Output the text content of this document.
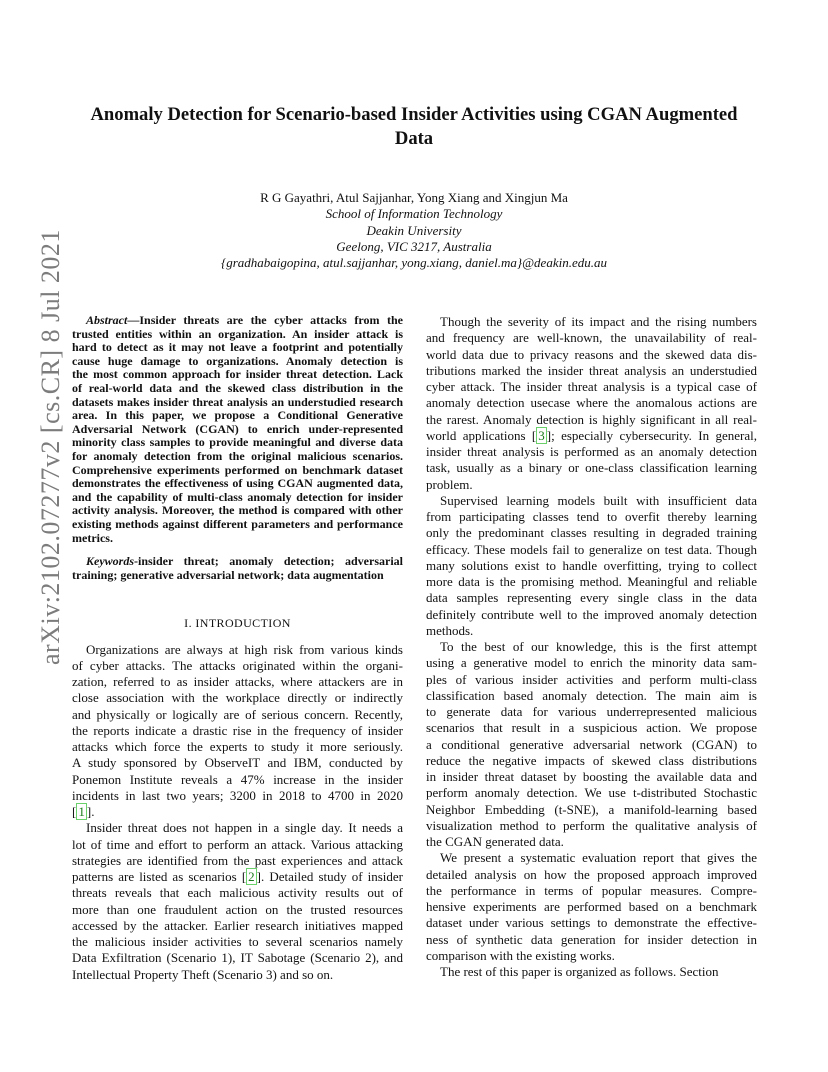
Anomaly Detection for Scenario-based Insider Activities using CGAN Augmented Data
R G Gayathri, Atul Sajjanhar, Yong Xiang and Xingjun Ma
School of Information Technology
Deakin University
Geelong, VIC 3217, Australia
{gradhabaigopina, atul.sajjanhar, yong.xiang, daniel.ma}@deakin.edu.au
arXiv:2102.07277v2 [cs.CR] 8 Jul 2021	Abstract—Insider threats are the cyber attacks from the
trusted entities within an organization. An insider attack is
hard to detect as it may not leave a footprint and potentially
cause huge damage to organizations. Anomaly detection is
the most common approach for insider threat detection. Lack
of real-world data and the skewed class distribution in the
datasets makes insider threat analysis an understudied research
area. In this paper, we propose a Conditional Generative
Adversarial Network (CGAN) to enrich under-represented
minority class samples to provide meaningful and diverse data
for anomaly detection from the original malicious scenarios.
Comprehensive experiments performed on benchmark dataset
demonstrates the effectiveness of using CGAN augmented data,
and the capability of multi-class anomaly detection for insider
activity analysis. Moreover, the method is compared with other
existing methods against different parameters and performance
metrics.
Keywords-insider threat; anomaly detection; adversarial
training; generative adversarial network; data augmentation
I. INTRODUCTION
Organizations are always at high risk from various kinds
of cyber attacks. The attacks originated within the organi-
zation, referred to as insider attacks, where attackers are in
close association with the workplace directly or indirectly
and physically or logically are of serious concern. Recently,
the reports indicate a drastic rise in the frequency of insider
attacks which force the experts to study it more seriously.
A study sponsored by ObserveIT and IBM, conducted by
Ponemon Institute reveals a 47% increase in the insider
incidents in last two years; 3200 in 2018 to 4700 in 2020
[ 1 ].
Insider threat does not happen in a single day. It needs a
lot of time and effort to perform an attack. Various attacking
strategies are identified from the past experiences and attack
patterns are listed as scenarios [ 2 ]. Detailed study of insider
threats reveals that each malicious activity results out of
more than one fraudulent action on the trusted resources
accessed by the attacker. Earlier research initiatives mapped
the malicious insider activities to several scenarios namely
Data Exfiltration (Scenario 1), IT Sabotage (Scenario 2), and
Intellectual Property Theft (Scenario 3) and so on.
Though the severity of its impact and the rising numbers
and frequency are well-known, the unavailability of real-
world data due to privacy reasons and the skewed data dis-
tributions marked the insider threat analysis an understudied
cyber attack. The insider threat analysis is a typical case of
anomaly detection usecase where the anomalous actions are
the rarest. Anomaly detection is highly significant in all real-
world applications [ 3 ]; especially cybersecurity. In general,
insider threat analysis is performed as an anomaly detection
task, usually as a binary or one-class classification learning
problem.
Supervised learning models built with insufficient data
from participating classes tend to overfit thereby learning
only the predominant classes resulting in degraded training
efficacy. These models fail to generalize on test data. Though
many solutions exist to handle overfitting, trying to collect
more data is the promising method. Meaningful and reliable
data samples representing every single class in the data
definitely contribute well to the improved anomaly detection
methods.
To the best of our knowledge, this is the first attempt
using a generative model to enrich the minority data sam-
ples of various insider activities and perform multi-class
classification based anomaly detection. The main aim is
to generate data for various underrepresented malicious
scenarios that result in a suspicious action. We propose
a conditional generative adversarial network (CGAN) to
reduce the negative impacts of skewed class distributions
in insider threat dataset by boosting the available data and
perform anomaly detection. We use t-distributed Stochastic
Neighbor Embedding (t-SNE), a manifold-learning based
visualization method to perform the qualitative analysis of
the CGAN generated data.
We present a systematic evaluation report that gives the
detailed analysis on how the proposed approach improved
the performance in terms of popular measures. Compre-
hensive experiments are performed based on a benchmark
dataset under various settings to demonstrate the effective-
ness of synthetic data generation for insider detection in
comparison with the existing works.
The rest of this paper is organized as follows. Section
